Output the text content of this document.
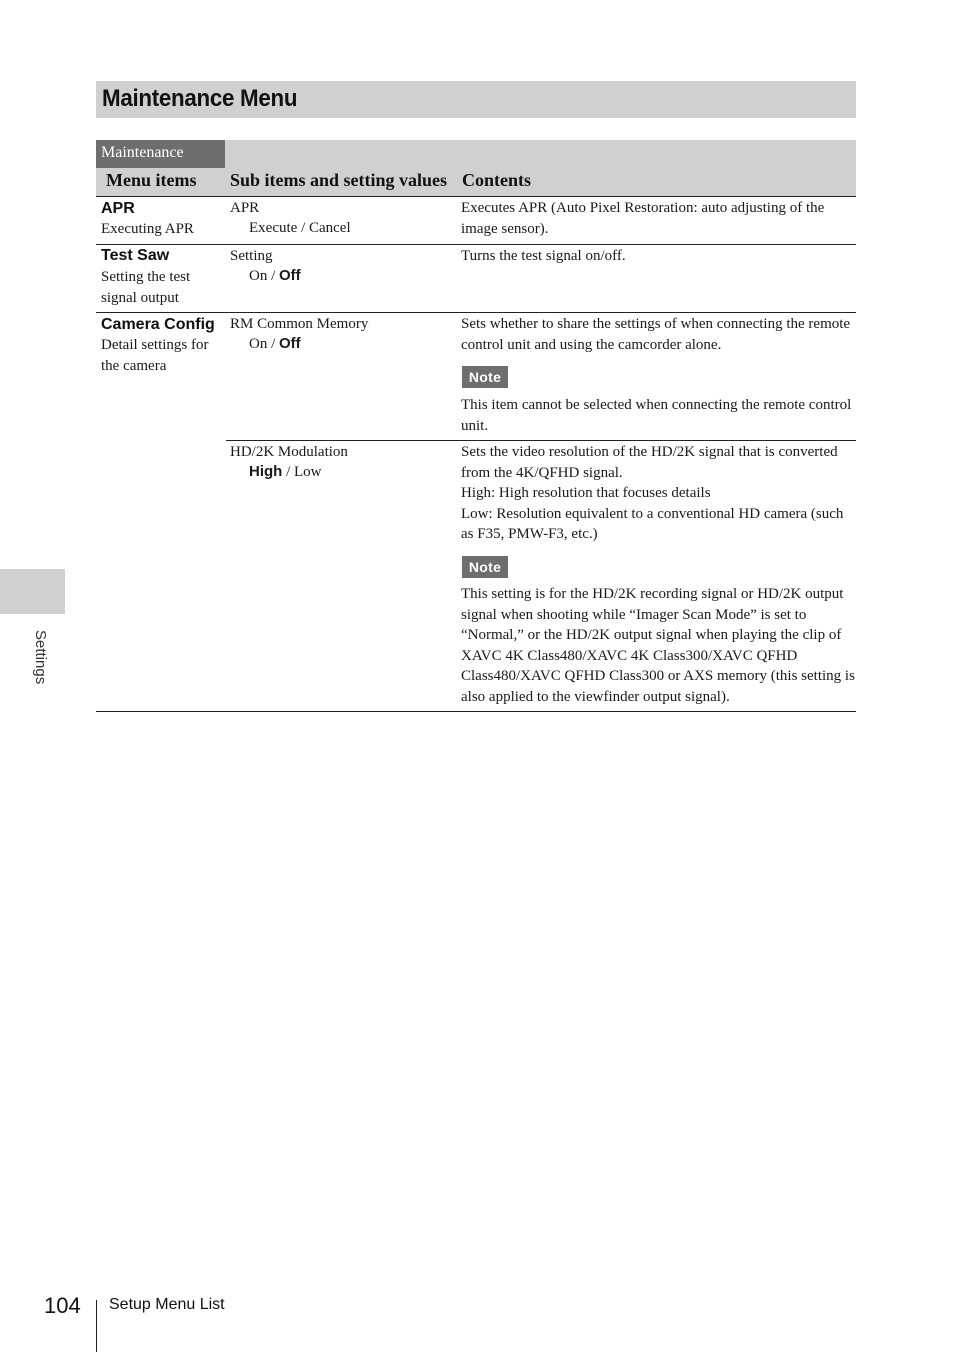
Maintenance Menu
Maintenance
Menu items Sub items and setting values Contents
APR
Executing APR
APR
Execute / Cancel
Executes APR (Auto Pixel Restoration: auto adjusting of the image sensor).
Test Saw
Setting the test signal output
Setting
On / Off
Turns the test signal on/off.
Camera Config
Detail settings for the camera
RM Common Memory
On / Off
Sets whether to share the settings of when connecting the remote control unit and using the camcorder alone.
Note
This item cannot be selected when connecting the remote control unit.
HD/2K Modulation
High / Low
Sets the video resolution of the HD/2K signal that is converted from the 4K/QFHD signal.
High: High resolution that focuses details
Low: Resolution equivalent to a conventional HD camera (such as F35, PMW-F3, etc.)
Note
This setting is for the HD/2K recording signal or HD/2K output signal when shooting while “Imager Scan Mode” is set to “Normal,” or the HD/2K output signal when playing the clip of XAVC 4K Class480/XAVC 4K Class300/XAVC QFHD Class480/XAVC QFHD Class300 or AXS memory (this setting is also applied to the viewfinder output signal).
Settings
104 Setup Menu List
